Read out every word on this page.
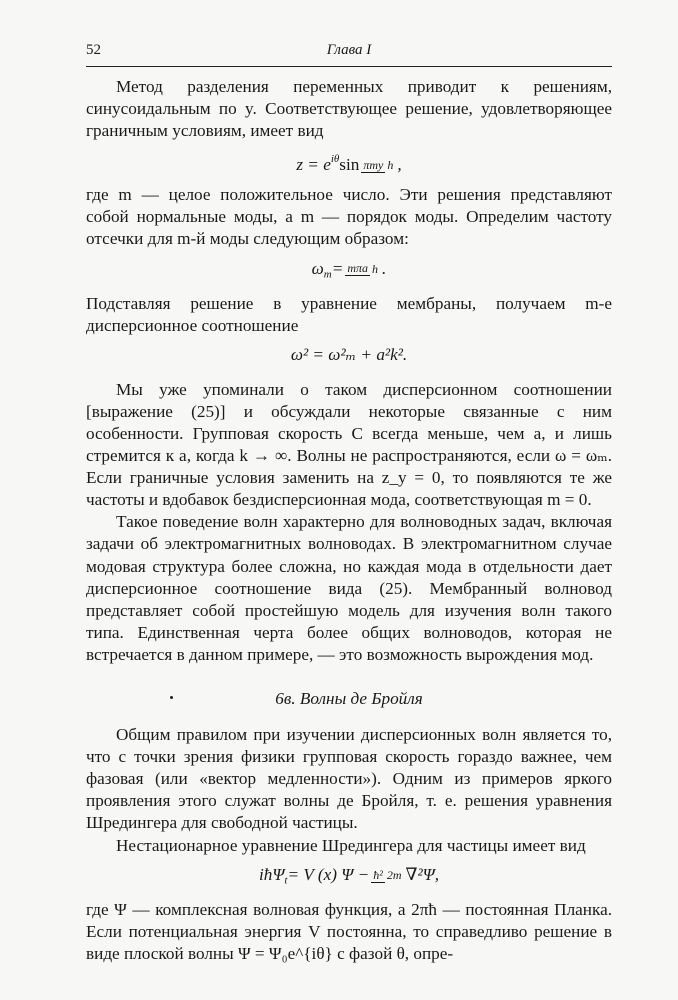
52	Глава I

Метод разделения переменных приводит к решениям, синусоидальным по y. Соответствующее решение, удовлетворяющее граничным условиям, имеет вид

$z = e^{i\theta}\sin\pi my$ h,

где m — целое положительное число. Эти решения представляют собой нормальные моды, а m — порядок моды. Определим частоту отсечки для m-й моды следующим образом:

$\omega_m=m\pi a$ h.

Подставляя решение в уравнение мембраны, получаем m-е дисперсионное соотношение

ω² = ω²ₘ + a²k².

Мы уже упоминали о таком дисперсионном соотношении [выражение (25)] и обсуждали некоторые связанные с ним особенности. Групповая скорость C всегда меньше, чем a, и лишь стремится к a, когда k → ∞. Волны не распространяются, если ω = ωₘ. Если граничные условия заменить на z_y = 0, то появляются те же частоты и вдобавок бездисперсионная мода, соответствующая m = 0.

Такое поведение волн характерно для волноводных задач, включая задачи об электромагнитных волноводах. В электромагнитном случае модовая структура более сложна, но каждая мода в отдельности дает дисперсионное соотношение вида (25). Мембранный волновод представляет собой простейшую модель для изучения волн такого типа. Единственная черта более общих волноводов, которая не встречается в данном примере, — это возможность вырождения мод.

6в. Волны де Бройля

Общим правилом при изучении дисперсионных волн является то, что с точки зрения физики групповая скорость гораздо важнее, чем фазовая (или «вектор медленности»). Одним из примеров яркого проявления этого служат волны де Бройля, т. е. решения уравнения Шредингера для свободной частицы.

Нестационарное уравнение Шредингера для частицы имеет вид

iħΨ$_t$= V (x) Ψ −ħ² 2m∇²Ψ,

где Ψ — комплексная волновая функция, а 2πħ — постоянная Планка. Если потенциальная энергия V постоянна, то справедливо решение в виде плоской волны Ψ = Ψ₀e^{iθ} с фазой θ, опре-
